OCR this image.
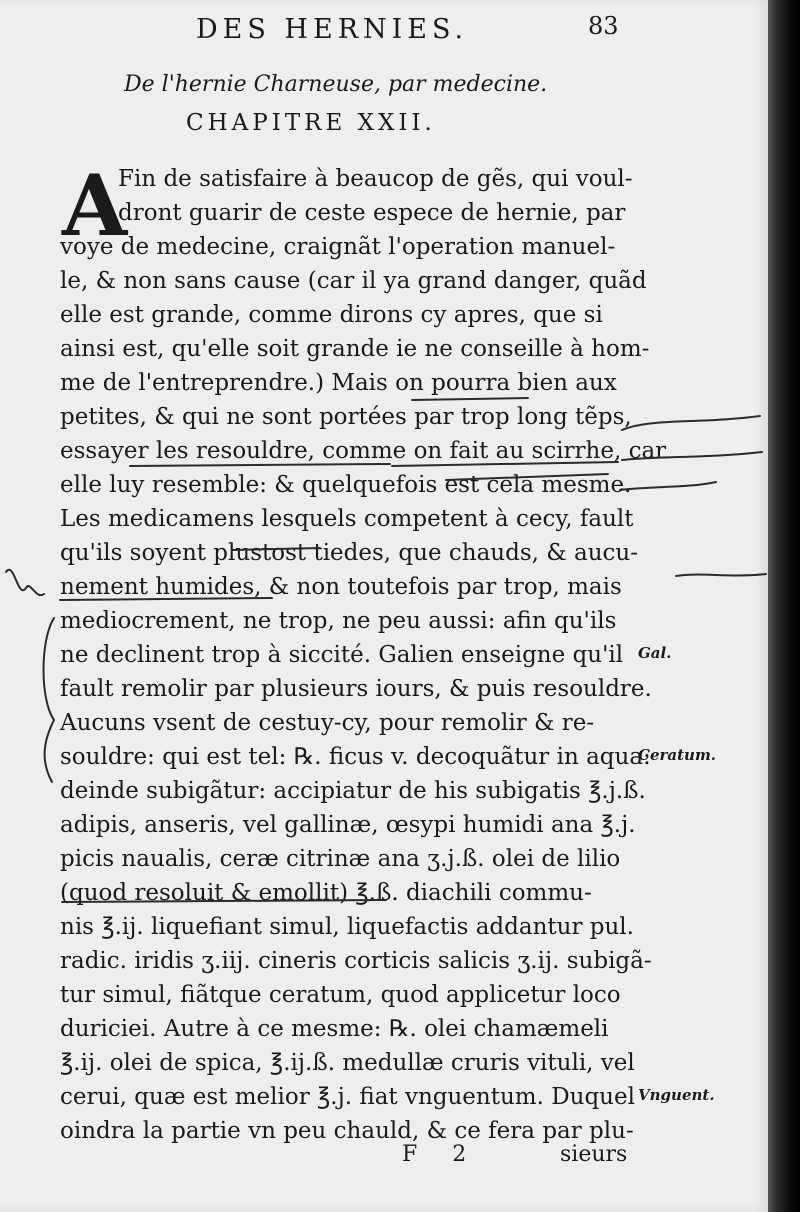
DES HERNIES.	83
De l'hernie Charneuse, par medecine.
CHAPITRE XXII.
A
Fin de satisfaire à beaucop de gẽs, qui voul-
dront guarir de ceste espece de hernie, par
voye de medecine, craignãt l'operation manuel-
le, & non sans cause (car il ya grand danger, quãd
elle est grande, comme dirons cy apres, que si
ainsi est, qu'elle soit grande ie ne conseille à hom-
me de l'entreprendre.) Mais on pourra bien aux
petites, & qui ne sont portées par trop long tẽps,
essayer les resouldre, comme on fait au scirrhe, car
elle luy resemble: & quelquefois est cela mesme.
Les medicamens lesquels competent à cecy, fault
qu'ils soyent plustost tiedes, que chauds, & aucu-
nement humides, & non toutefois par trop, mais
mediocrement, ne trop, ne peu aussi: afin qu'ils
ne declinent trop à siccité. Galien enseigne qu'il
fault remolir par plusieurs iours, & puis resouldre.
Aucuns vsent de cestuy-cy, pour remolir & re-
souldre: qui est tel: ℞. ficus v. decoquãtur in aqua:
deinde subigãtur: accipiatur de his subigatis ℥.j.ß.
adipis, anseris, vel gallinæ, œsypi humidi ana ℥.j.
picis naualis, ceræ citrinæ ana ʒ.j.ß. olei de lilio
(quod resoluit & emollit) ℥.ß. diachili commu-
nis ℥.ij. liquefiant simul, liquefactis addantur pul.
radic. iridis ʒ.iij. cineris corticis salicis ʒ.ij. subigã-
tur simul, fiãtque ceratum, quod applicetur loco
duriciei. Autre à ce mesme: ℞. olei chamæmeli
℥.ij. olei de spica, ℥.ij.ß. medullæ cruris vituli, vel
cerui, quæ est melior ℥.j. fiat vnguentum. Duquel
oindra la partie vn peu chauld, & ce fera par plu-
Gal.
Ceratum.
Vnguent.
F 2	sieurs
